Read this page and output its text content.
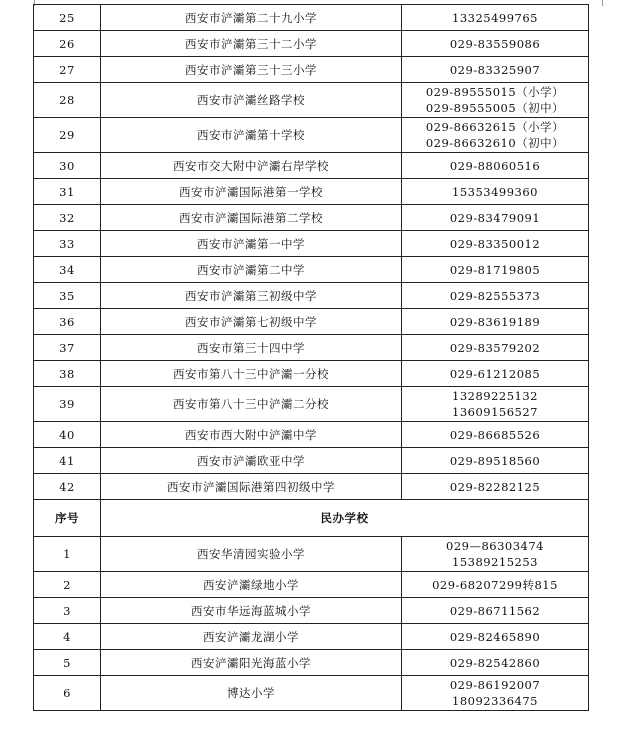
25	西安市浐灞第二十九小学	13325499765

26	西安市浐灞第三十二小学	029-83559086

27	西安市浐灞第三十三小学	029-83325907

28	西安市浐灞丝路学校	029-89555015（小学）
029-89555005（初中）

29	西安市浐灞第十学校	029-86632615（小学）
029-86632610（初中）

30	西安市交大附中浐灞右岸学校	029-88060516

31	西安市浐灞国际港第一学校	15353499360

32	西安市浐灞国际港第二学校	029-83479091

33	西安市浐灞第一中学	029-83350012

34	西安市浐灞第二中学	029-81719805

35	西安市浐灞第三初级中学	029-82555373

36	西安市浐灞第七初级中学	029-83619189

37	西安市第三十四中学	029-83579202

38	西安市第八十三中浐灞一分校	029-61212085

39	西安市第八十三中浐灞二分校	13289225132
13609156527

40	西安市西大附中浐灞中学	029-86685526

41	西安市浐灞欧亚中学	029-89518560

42	西安市浐灞国际港第四初级中学	029-82282125

序号	民办学校	
1	西安华清园实验小学	029—86303474
15389215253

2	西安浐灞绿地小学	029-68207299转815

3	西安市华远海蓝城小学	029-86711562

4	西安浐灞龙湖小学	029-82465890

5	西安浐灞阳光海蓝小学	029-82542860

6	博达小学	029-86192007
18092336475
